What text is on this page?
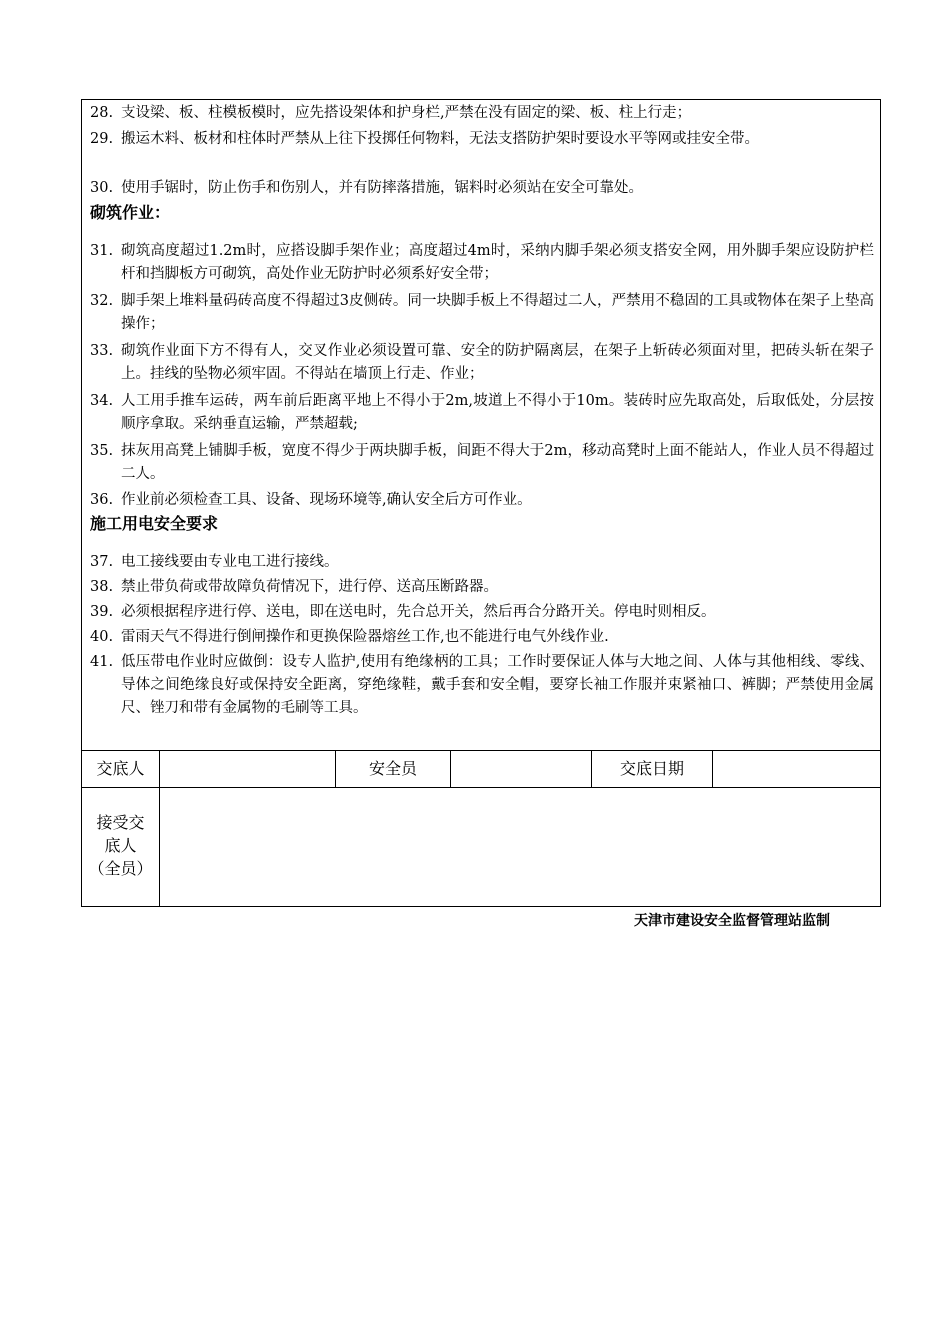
28. 支设梁、板、柱模板模时，应先搭设架体和护身栏,严禁在没有固定的梁、板、柱上行走；
29. 搬运木料、板材和柱体时严禁从上往下投掷任何物料，无法支搭防护架时要设水平等网或挂安全带。
30. 使用手锯时，防止伤手和伤别人，并有防摔落措施，锯料时必须站在安全可靠处。
砌筑作业：
31. 砌筑高度超过1.2m时，应搭设脚手架作业；高度超过4m时，采纳内脚手架必须支搭安全网，用外脚手架应设防护栏杆和挡脚板方可砌筑，高处作业无防护时必须系好安全带；
32. 脚手架上堆料量码砖高度不得超过3皮侧砖。同一块脚手板上不得超过二人，严禁用不稳固的工具或物体在架子上垫高操作；
33. 砌筑作业面下方不得有人，交叉作业必须设置可靠、安全的防护隔离层，在架子上斩砖必须面对里，把砖头斩在架子上。挂线的坠物必须牢固。不得站在墙顶上行走、作业；
34. 人工用手推车运砖，两车前后距离平地上不得小于2m,坡道上不得小于10m。装砖时应先取高处，后取低处，分层按顺序拿取。采纳垂直运输，严禁超载;
35. 抹灰用高凳上铺脚手板，宽度不得少于两块脚手板，间距不得大于2m，移动高凳时上面不能站人，作业人员不得超过二人。
36. 作业前必须检查工具、设备、现场环境等,确认安全后方可作业。
施工用电安全要求
37. 电工接线要由专业电工进行接线。
38. 禁止带负荷或带故障负荷情况下，进行停、送高压断路器。
39. 必须根据程序进行停、送电，即在送电时，先合总开关，然后再合分路开关。停电时则相反。
40. 雷雨天气不得进行倒闸操作和更换保险器熔丝工作,也不能进行电气外线作业.
41. 低压带电作业时应做倒：设专人监护,使用有绝缘柄的工具；工作时要保证人体与大地之间、人体与其他相线、零线、导体之间绝缘良好或保持安全距离，穿绝缘鞋，戴手套和安全帽，要穿长袖工作服并束紧袖口、裤脚；严禁使用金属尺、锉刀和带有金属物的毛刷等工具。
交底人	安全员	交底日期
接受交
底人
（全员）
天津市建设安全监督管理站监制
